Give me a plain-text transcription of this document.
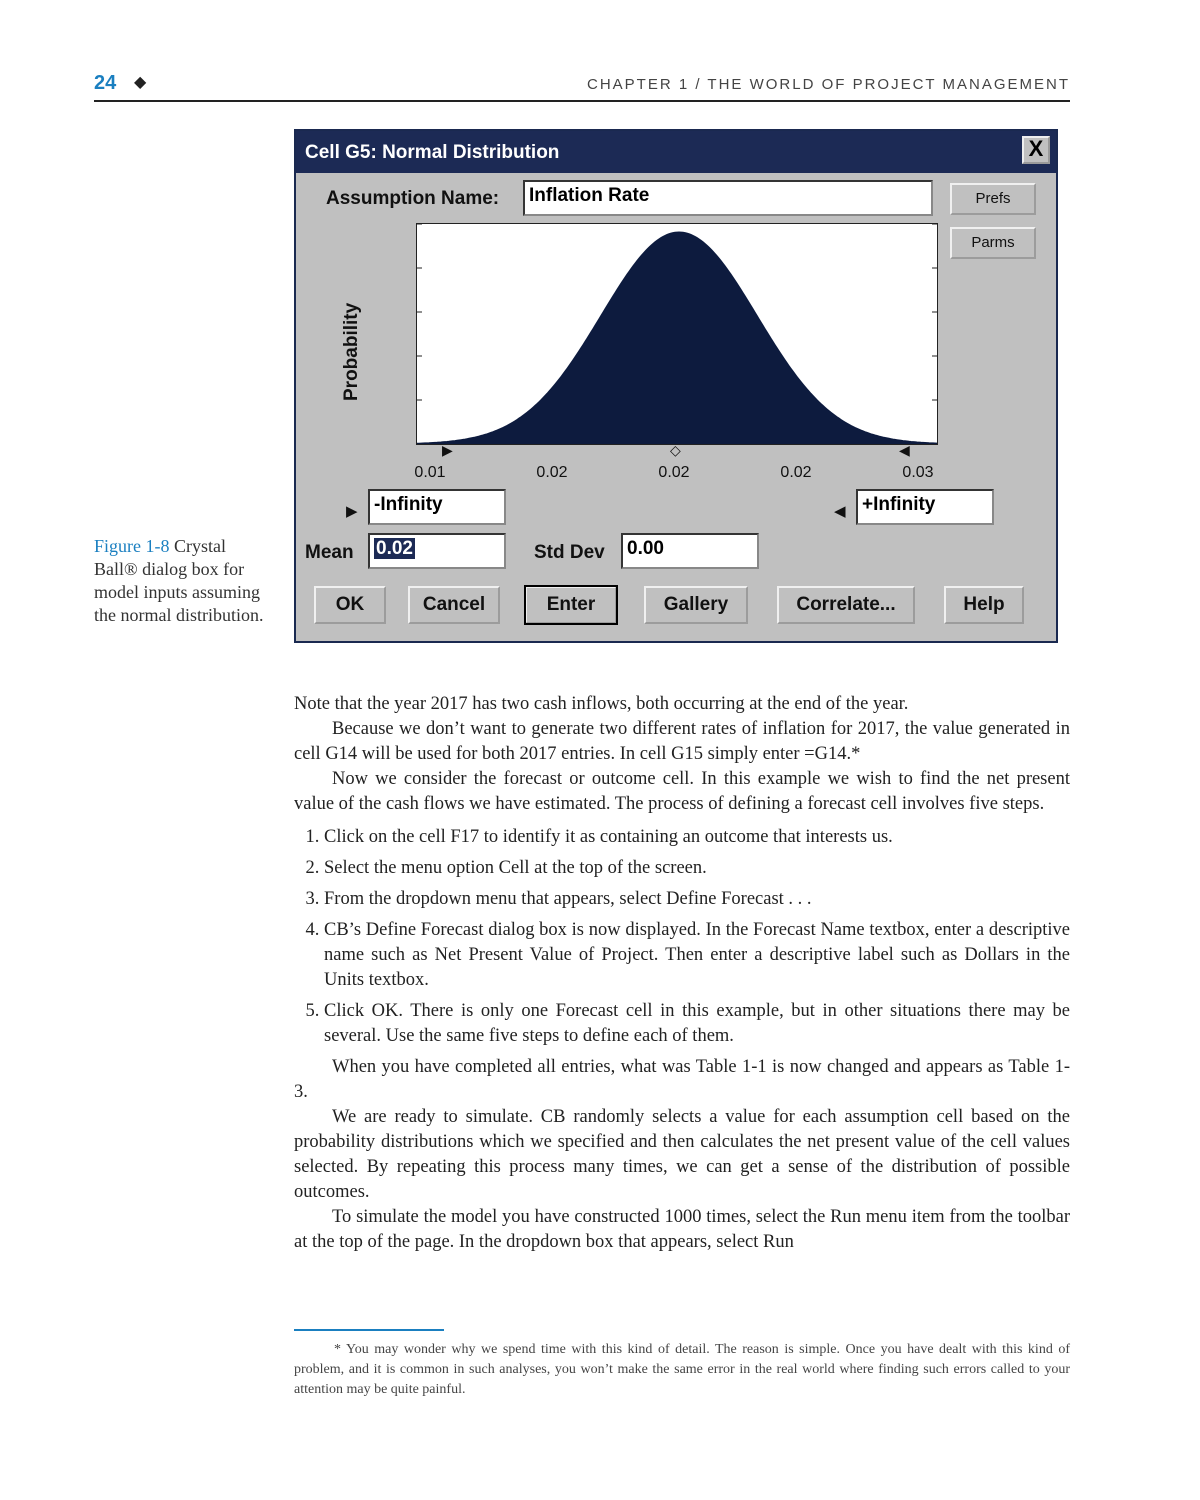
24 ◆	CHAPTER 1 / THE WORLD OF PROJECT MANAGEMENT
Figure 1-8 Crystal Ball® dialog box for model inputs assuming the normal distribution.
Cell G5: Normal Distribution	X
Assumption Name:	Inflation Rate	Prefs
Parms
Probability
▶	◇	◀
0.01	0.02	0.02	0.02	0.03
▶ -Infinity	◀ +Infinity
Mean	0.02	Std Dev	0.00
OK	Cancel	Enter	Gallery	Correlate...	Help

Note that the year 2017 has two cash inflows, both occurring at the end of the year.

Because we don’t want to generate two different rates of inflation for 2017, the value generated in cell G14 will be used for both 2017 entries. In cell G15 simply enter =G14.*

Now we consider the forecast or outcome cell. In this example we wish to find the net present value of the cash flows we have estimated. The process of defining a forecast cell involves five steps.

1. Click on the cell F17 to identify it as containing an outcome that interests us.
2. Select the menu option Cell at the top of the screen.
3. From the dropdown menu that appears, select Define Forecast . . .
4. CB’s Define Forecast dialog box is now displayed. In the Forecast Name textbox, enter a descriptive name such as Net Present Value of Project. Then enter a descriptive label such as Dollars in the Units textbox.
5. Click OK. There is only one Forecast cell in this example, but in other situations there may be several. Use the same five steps to define each of them.

When you have completed all entries, what was Table 1-1 is now changed and appears as Table 1-3.

We are ready to simulate. CB randomly selects a value for each assumption cell based on the probability distributions which we specified and then calculates the net present value of the cell values selected. By repeating this process many times, we can get a sense of the distribution of possible outcomes.

To simulate the model you have constructed 1000 times, select the Run menu item from the toolbar at the top of the page. In the dropdown box that appears, select Run

* You may wonder why we spend time with this kind of detail. The reason is simple. Once you have dealt with this kind of problem, and it is common in such analyses, you won’t make the same error in the real world where finding such errors called to your attention may be quite painful.
